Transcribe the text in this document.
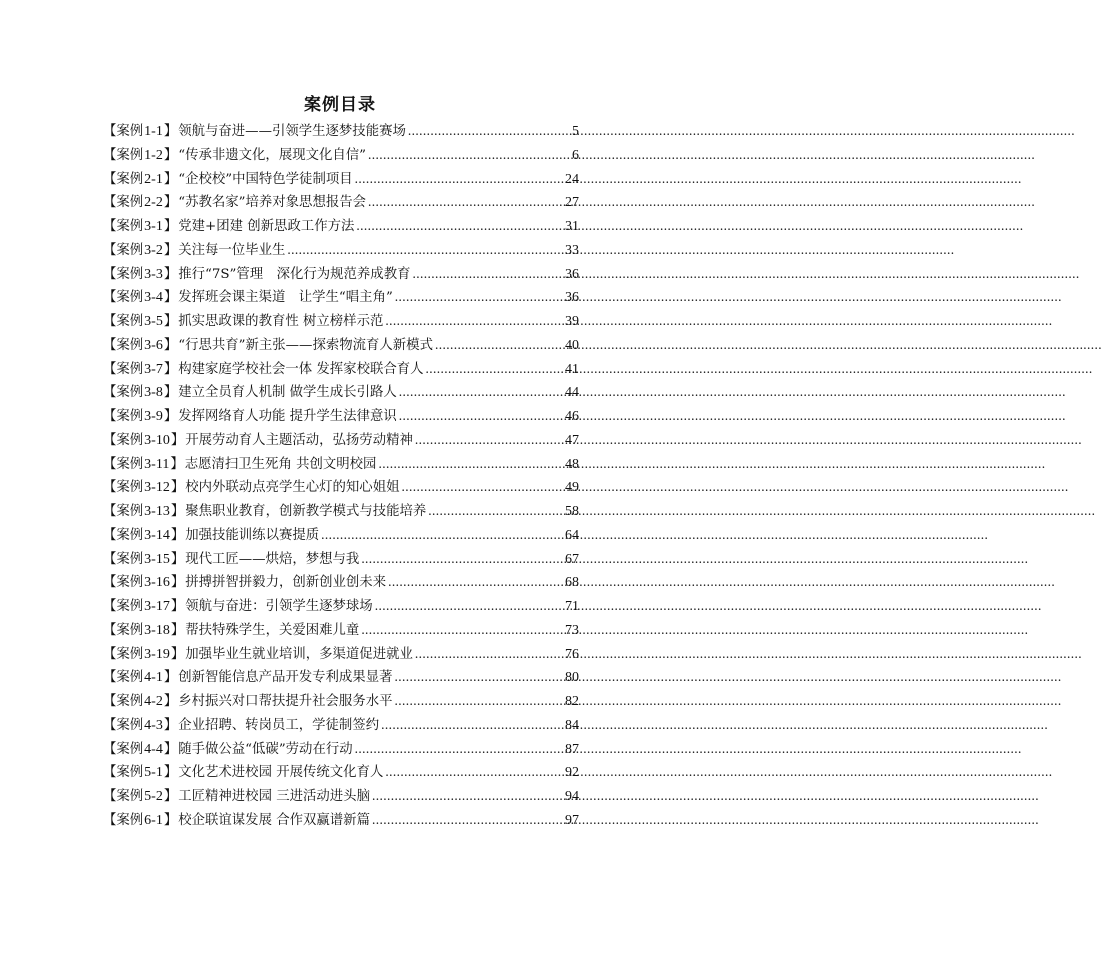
案例目录
【案例 1-1 】 领航与奋进——引领学生逐梦技能赛场 .....	5
【案例 1-2 】 “传承非遗文化，展现文化自信” .....	6
【案例 2-1 】 “企校校”中国特色学徒制项目 .....	24
【案例 2-2 】 “苏教名家”培养对象思想报告会 .....	27
【案例 3-1 】 党建+团建 创新思政工作方法 .....	31
【案例 3-2 】 关注每一位毕业生 .....	33
【案例 3-3 】 推行“7S”管理　深化行为规范养成教育 .....	36
【案例 3-4 】 发挥班会课主渠道　让学生“唱主角” .....	36
【案例 3-5 】 抓实思政课的教育性 树立榜样示范 .....	39
【案例 3-6 】 “行思共育”新主张——探索物流育人新模式 .....	40
【案例 3-7 】 构建家庭学校社会一体 发挥家校联合育人 .....	41
【案例 3-8 】 建立全员育人机制 做学生成长引路人 .....	44
【案例 3-9 】 发挥网络育人功能 提升学生法律意识 .....	46
【案例 3-10 】 开展劳动育人主题活动，弘扬劳动精神 .....	47
【案例 3-11 】 志愿清扫卫生死角 共创文明校园 .....	48
【案例 3-12 】 校内外联动点亮学生心灯的知心姐姐 .....	49
【案例 3-13 】 聚焦职业教育，创新教学模式与技能培养 .....	58
【案例 3-14 】 加强技能训练以赛提质 .....	64
【案例 3-15 】 现代工匠——烘焙，梦想与我 .....	67
【案例 3-16 】 拼搏拼智拼毅力，创新创业创未来 .....	68
【案例 3-17 】 领航与奋进：引领学生逐梦球场 .....	71
【案例 3-18 】 帮扶特殊学生，关爱困难儿童 .....	73
【案例 3-19 】 加强毕业生就业培训，多渠道促进就业 .....	76
【案例 4-1 】 创新智能信息产品开发专利成果显著 .....	80
【案例 4-2 】 乡村振兴对口帮扶提升社会服务水平 .....	82
【案例 4-3 】 企业招聘、转岗员工，学徒制签约 .....	84
【案例 4-4 】 随手做公益“低碳”劳动在行动 .....	87
【案例 5-1 】 文化艺术进校园 开展传统文化育人 .....	92
【案例 5-2 】 工匠精神进校园 三进活动进头脑 .....	94
【案例 6-1 】 校企联谊谋发展 合作双赢谱新篇 .....	97
